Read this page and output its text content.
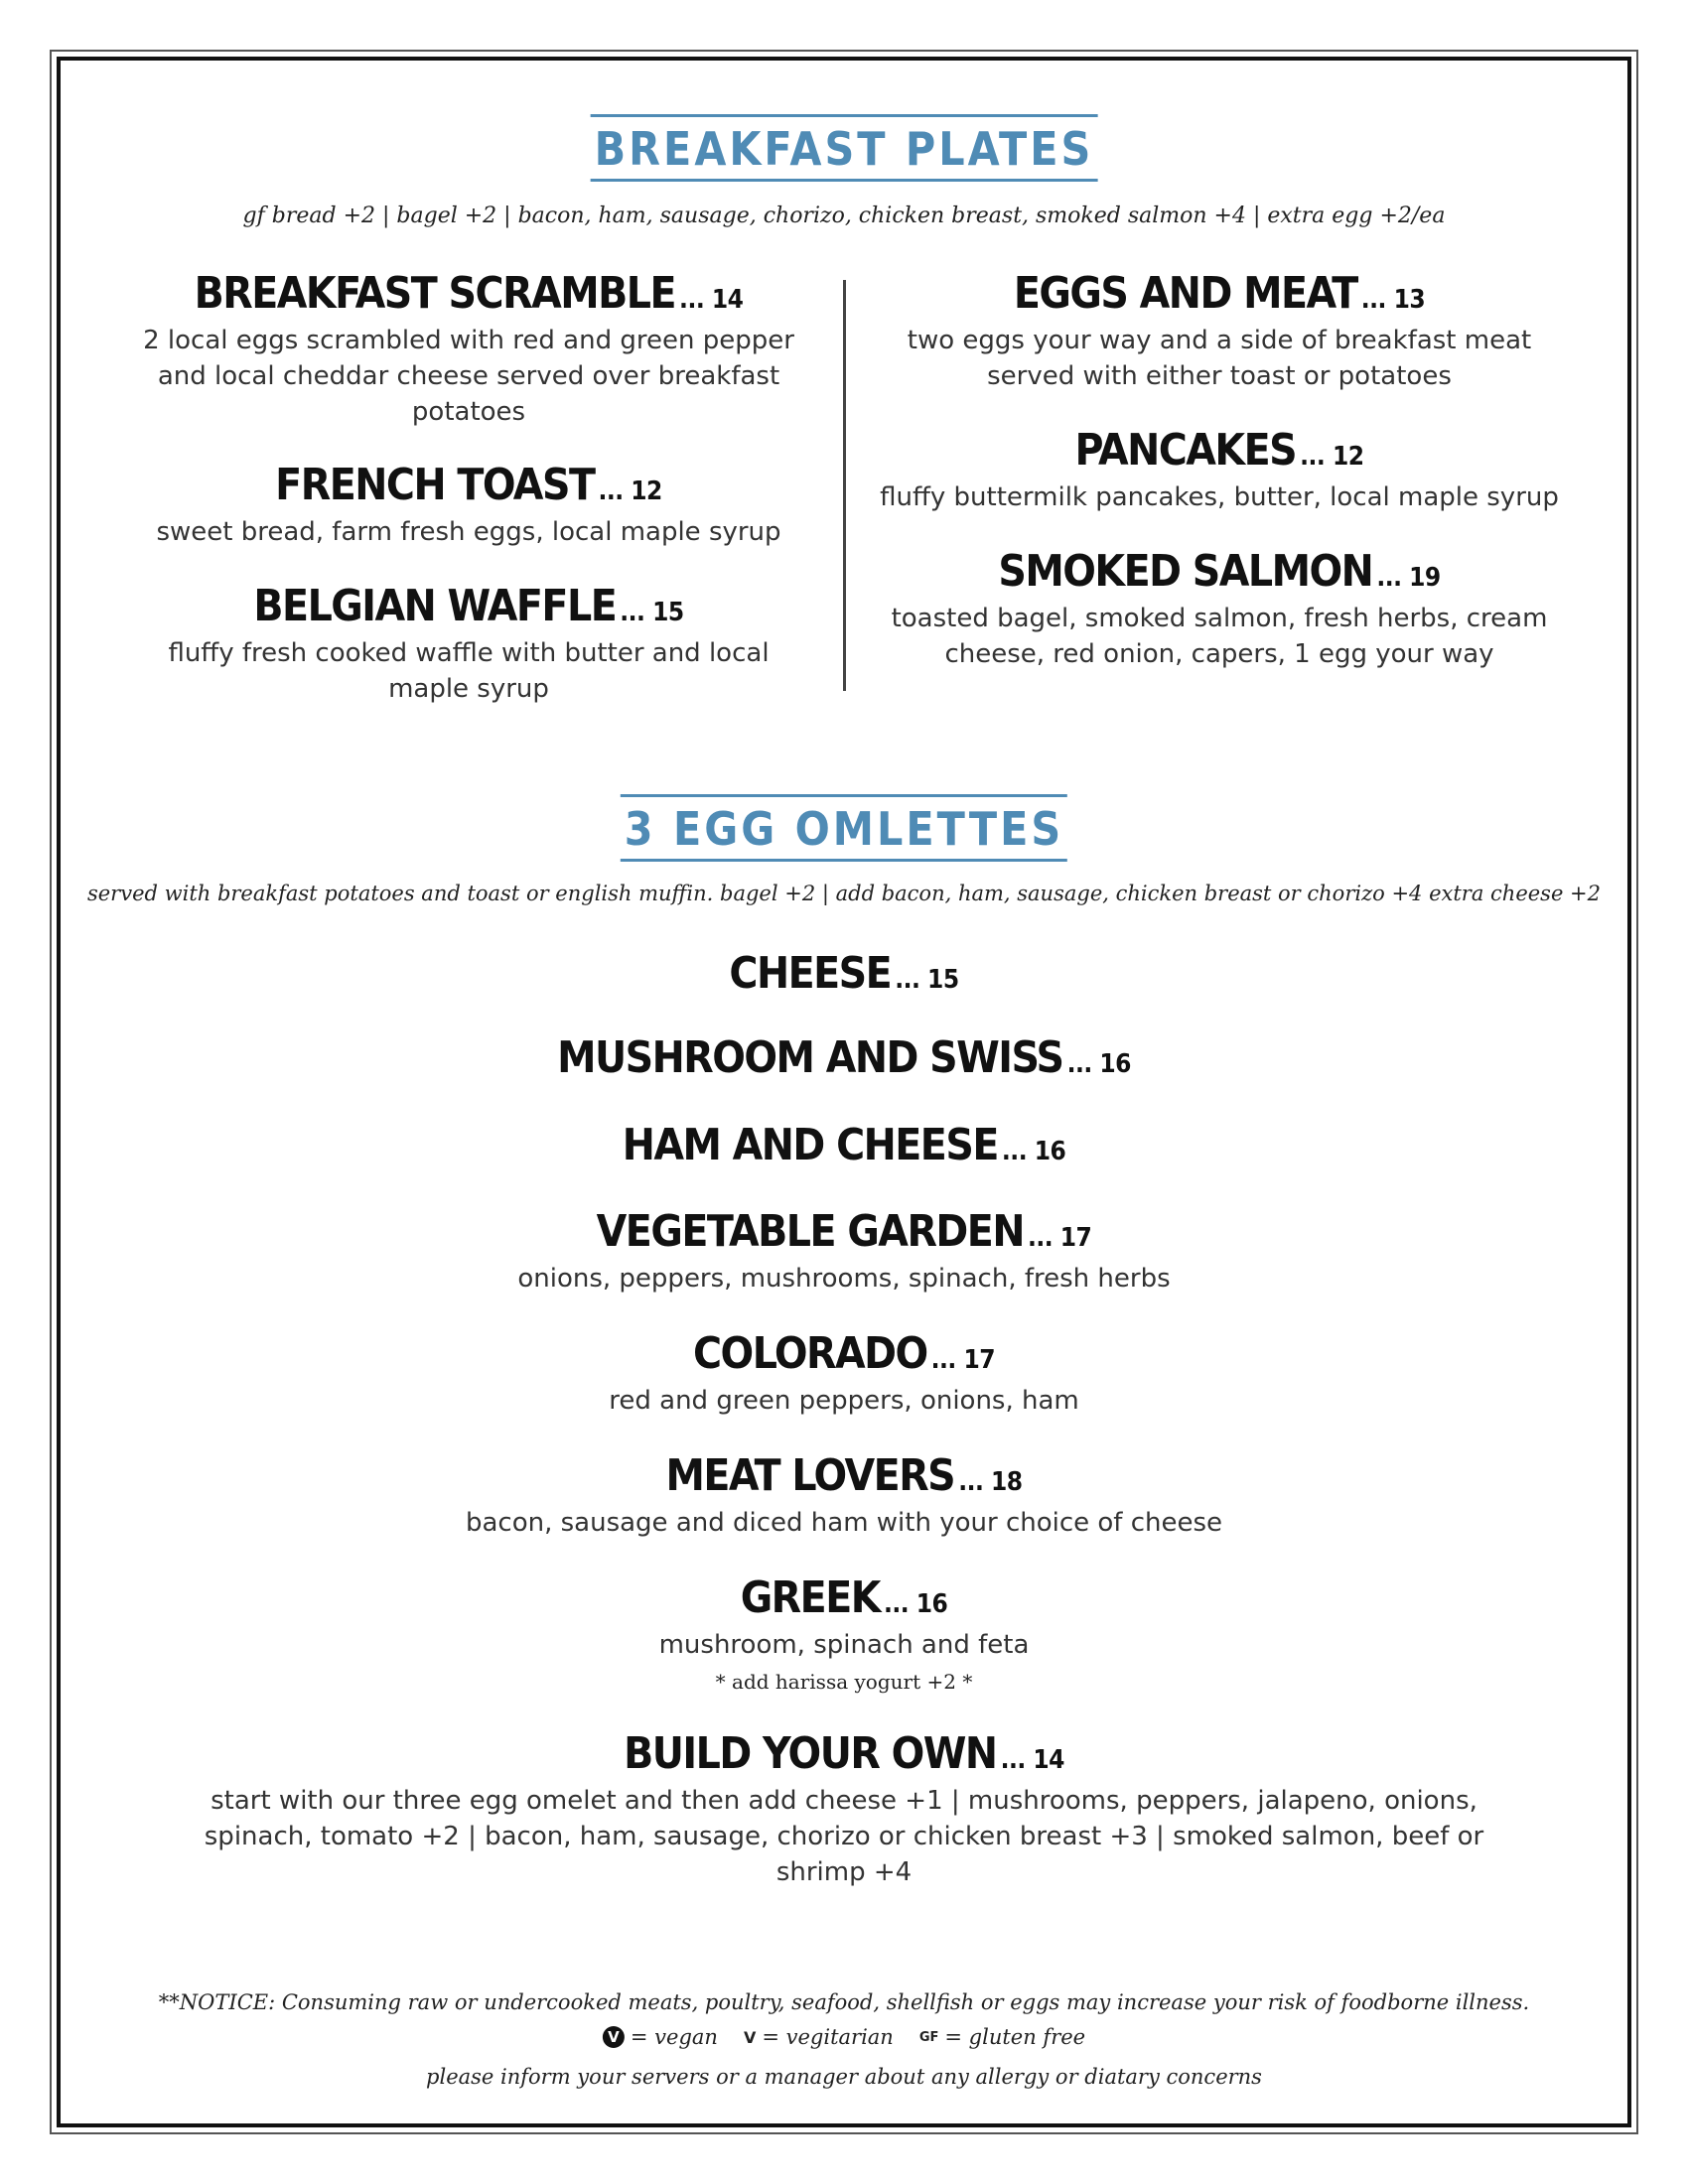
BREAKFAST PLATES
gf bread +2 | bagel +2 | bacon, ham, sausage, chorizo, chicken breast, smoked salmon +4 | extra egg +2/ea
BREAKFAST SCRAMBLE ... 14
2 local eggs scrambled with red and green pepper and local cheddar cheese served over breakfast potatoes
FRENCH TOAST ... 12
sweet bread, farm fresh eggs, local maple syrup
BELGIAN WAFFLE ... 15
fluffy fresh cooked waffle with butter and local maple syrup
EGGS AND MEAT ... 13
two eggs your way and a side of breakfast meat served with either toast or potatoes
PANCAKES ... 12
fluffy buttermilk pancakes, butter, local maple syrup
SMOKED SALMON ... 19
toasted bagel, smoked salmon, fresh herbs, cream cheese, red onion, capers, 1 egg your way
3 EGG OMLETTES
served with breakfast potatoes and toast or english muffin. bagel +2 | add bacon, ham, sausage, chicken breast or chorizo +4 extra cheese +2
CHEESE ... 15
MUSHROOM AND SWISS ... 16
HAM AND CHEESE ... 16
VEGETABLE GARDEN ... 17
onions, peppers, mushrooms, spinach, fresh herbs
COLORADO ... 17
red and green peppers, onions, ham
MEAT LOVERS ... 18
bacon, sausage and diced ham with your choice of cheese
GREEK ... 16
mushroom, spinach and feta
* add harissa yogurt +2 *
BUILD YOUR OWN ... 14
start with our three egg omelet and then add cheese +1 | mushrooms, peppers, jalapeno, onions, spinach, tomato +2 | bacon, ham, sausage, chorizo or chicken breast +3 | smoked salmon, beef or shrimp +4
**NOTICE: Consuming raw or undercooked meats, poultry, seafood, shellfish or eggs may increase your risk of foodborne illness.
V = vegan V = vegitarian GF = gluten free
please inform your servers or a manager about any allergy or diatary concerns
